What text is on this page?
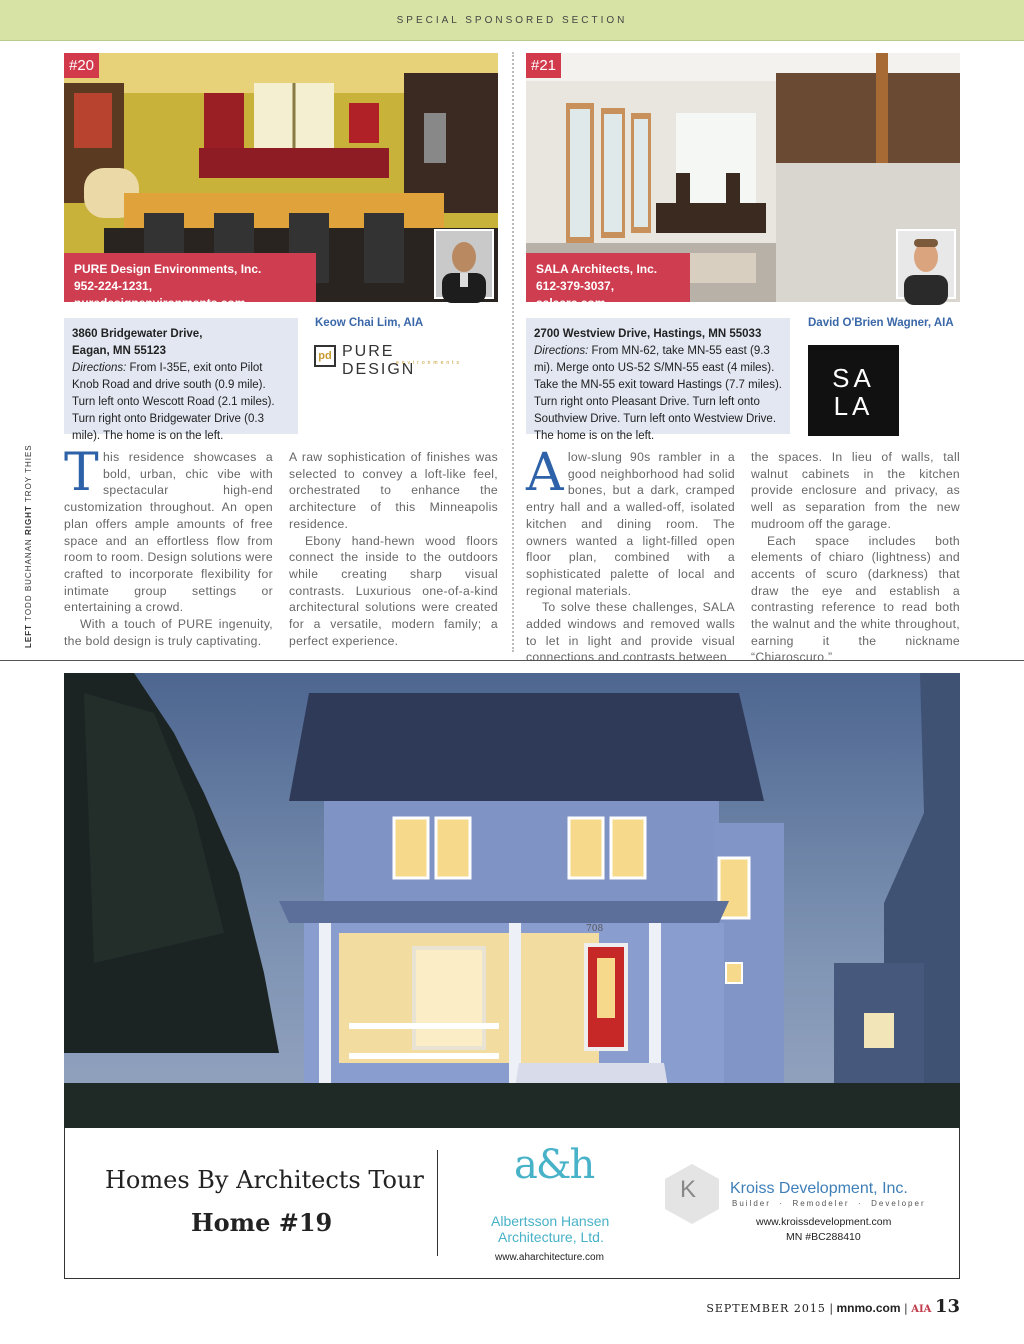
SPECIAL SPONSORED SECTION
#20
PURE Design Environments, Inc.
952-224-1231, puredesignenvironments.com
3860 Bridgewater Drive,
Eagan, MN 55123
Directions: From I-35E, exit onto Pilot Knob Road and drive south (0.9 mile). Turn left onto Wescott Road (2.1 miles). Turn right onto Bridgewater Drive (0.3 mile). The home is on the left.
Keow Chai Lim, AIA
pd PURE DESIGN
environments

This residence showcases a bold, urban, chic vibe with spectacular high-end customization throughout. An open plan offers ample amounts of free space and an effortless flow from room to room. Design solutions were crafted to incorporate flexibility for intimate group settings or entertaining a crowd.

With a touch of PURE ingenuity, the bold design is truly captivating.

A raw sophistication of finishes was selected to convey a loft-like feel, orchestrated to enhance the architecture of this Minneapolis residence.

Ebony hand-hewn wood floors connect the inside to the outdoors while creating sharp visual contrasts. Luxurious one-of-a-kind architectural solutions were created for a versatile, modern family; a perfect experience.

#21
SALA Architects, Inc.
612-379-3037, salaarc.com
2700 Westview Drive, Hastings, MN 55033
Directions: From MN-62, take MN-55 east (9.3 mi). Merge onto US-52 S/MN-55 east (4 miles). Take the MN-55 exit toward Hastings (7.7 miles). Turn right onto Pleasant Drive. Turn left onto Southview Drive. Turn left onto Westview Drive. The home is on the left.
David O'Brien Wagner, AIA
SA
LA

Alow-slung 90s rambler in a good neighborhood had solid bones, but a dark, cramped entry hall and a walled-off, isolated kitchen and dining room. The owners wanted a light-filled open floor plan, combined with a sophisticated palette of local and regional materials.

To solve these challenges, SALA added windows and removed walls to let in light and provide visual connections and contrasts between

the spaces. In lieu of walls, tall walnut cabinets in the kitchen provide enclosure and privacy, as well as separation from the new mudroom off the garage.

Each space includes both elements of chiaro (lightness) and accents of scuro (darkness) that draw the eye and establish a contrasting reference to read both the walnut and the white throughout, earning it the nickname “Chiaroscuro.”

LEFT TODD BUCHANAN RIGHT TROY THIES
708
Homes By Architects Tour
Home #19
a&h
Albertsson Hansen
Architecture, Ltd.
www.aharchitecture.com
K Kroiss Development, Inc.
Builder  ·  Remodeler  ·  Developer
www.kroissdevelopment.com
MN #BC288410
SEPTEMBER 2015 | mnmo.com | AIA 13
